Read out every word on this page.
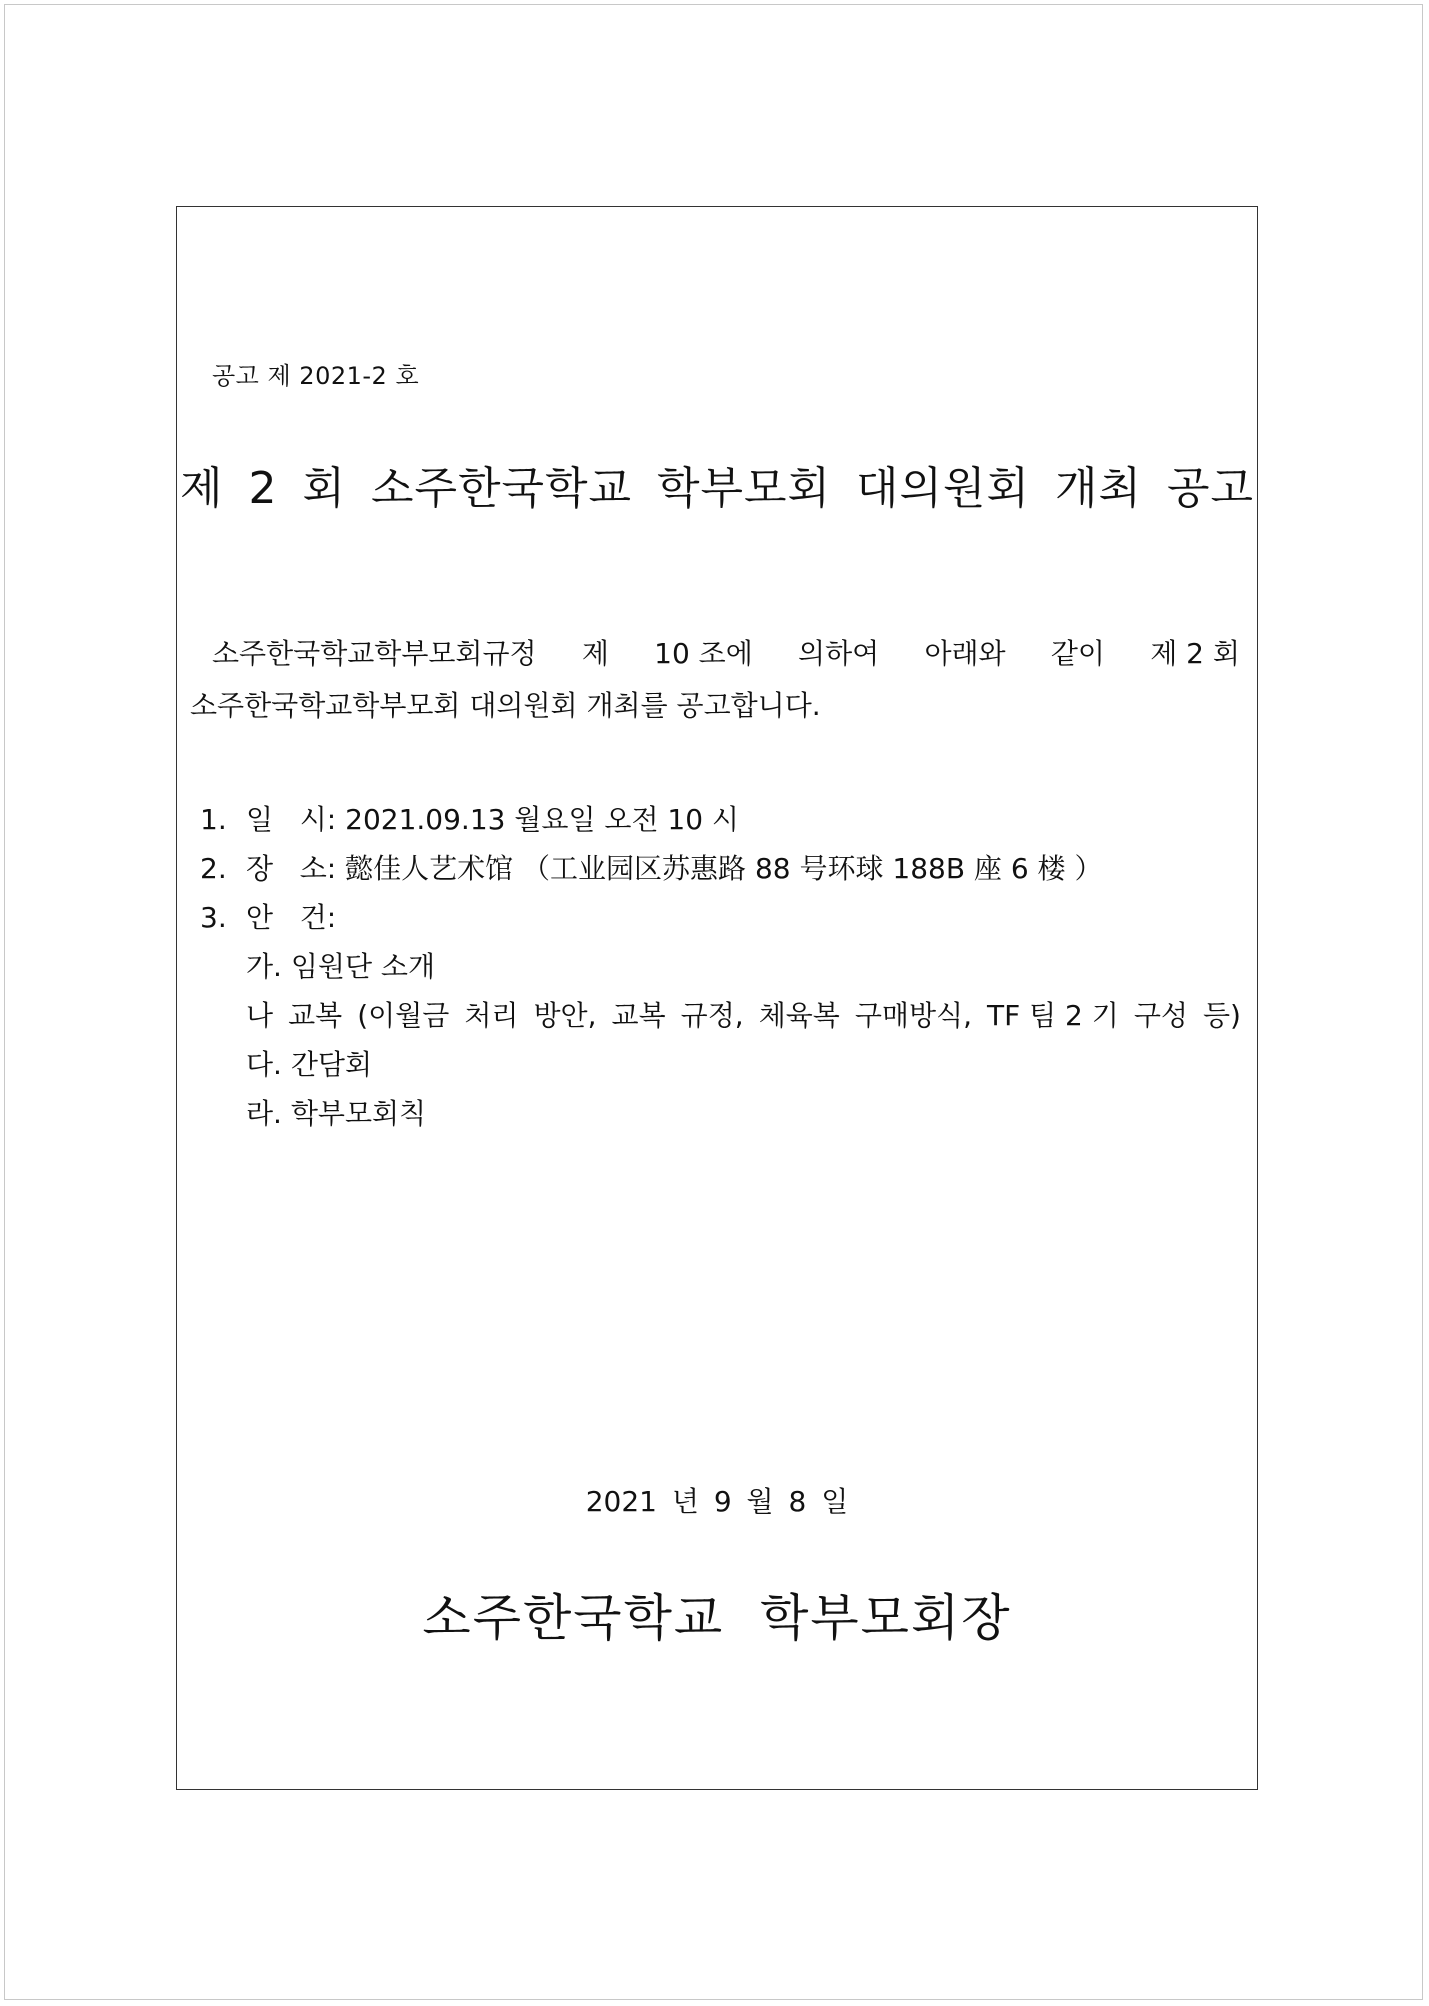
공고 제 2021-2 호
제 2 회 소주한국학교 학부모회 대의원회 개최 공고
소주한국학교학부모회규정 제 10 조에 의하여 아래와 같이 제 2 회
소주한국학교학부모회 대의원회 개최를 공고합니다.
1. 일   시: 2021.09.13 월요일 오전 10 시
2. 장   소: 懿佳人艺术馆 （工业园区苏惠路 88 号环球 188B 座 6 楼 ）
3. 안   건:
가. 임원단 소개
나 교복 (이월금 처리 방안, 교복 규정, 체육복 구매방식, TF 팀 2 기 구성 등)
다. 간담회
라. 학부모회칙
2021 년 9 월 8 일
소주한국학교 학부모회장
